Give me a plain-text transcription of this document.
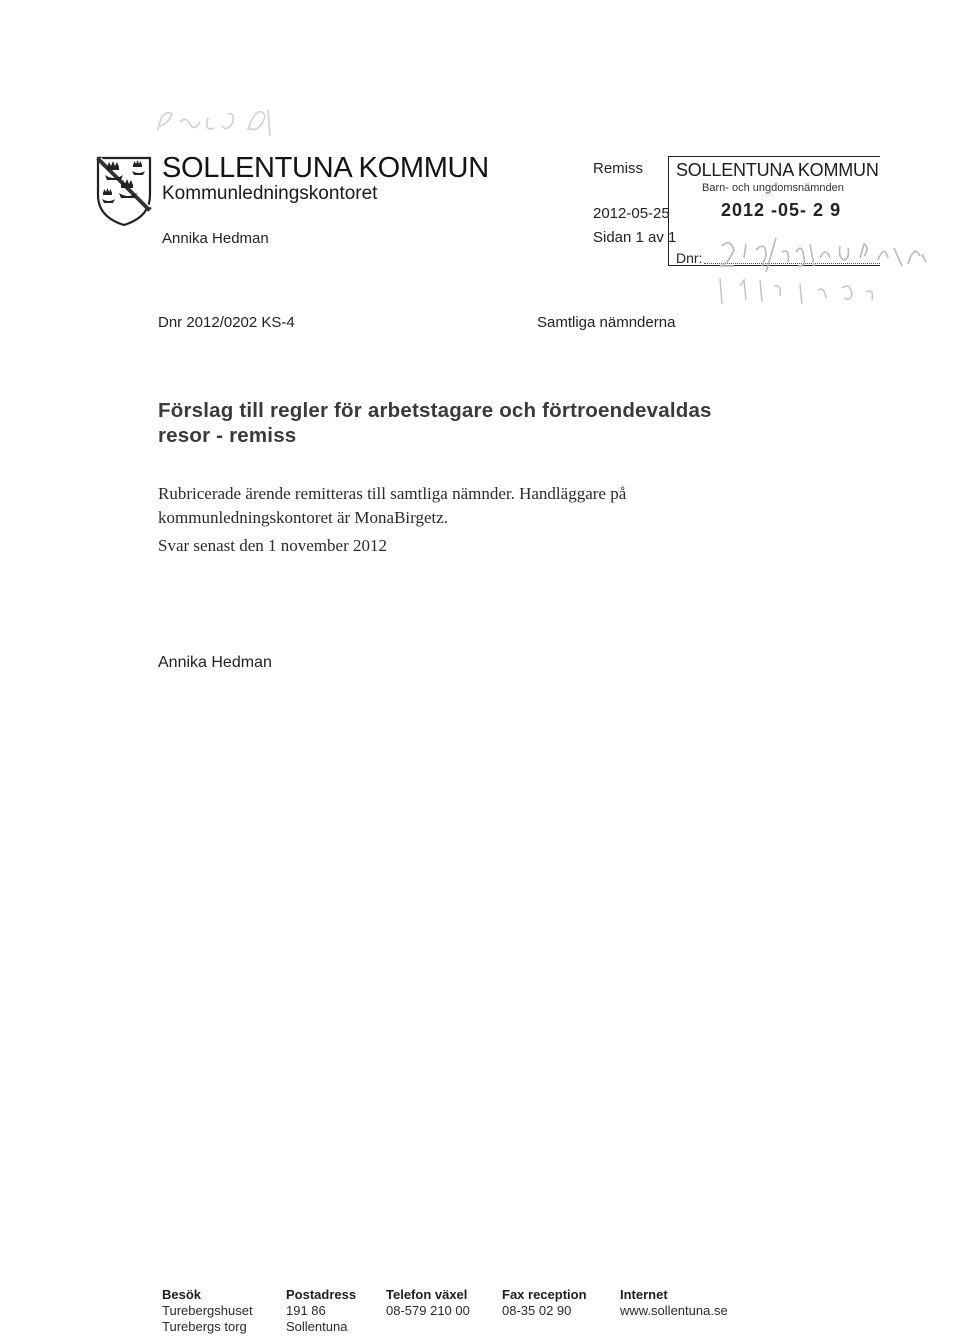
SOLLENTUNA KOMMUN
Kommunledningskontoret
Annika Hedman
Remiss
2012-05-25
Sidan 1 av 1
SOLLENTUNA KOMMUN
Barn- och ungdomsnämnden
2012 -05- 2 9
Dnr:
Dnr 2012/0202 KS-4	Samtliga nämnderna
Förslag till regler för arbetstagare och förtroendevaldas resor - remiss
Rubricerade ärende remitteras till samtliga nämnder. Handläggare på kommunledningskontoret är MonaBirgetz.
Svar senast den 1 november 2012
Annika Hedman
Besök
Turebergshuset
Turebergs torg
Postadress
191 86
Sollentuna
Telefon växel
08-579 210 00
Fax reception
08-35 02 90
Internet
www.sollentuna.se
